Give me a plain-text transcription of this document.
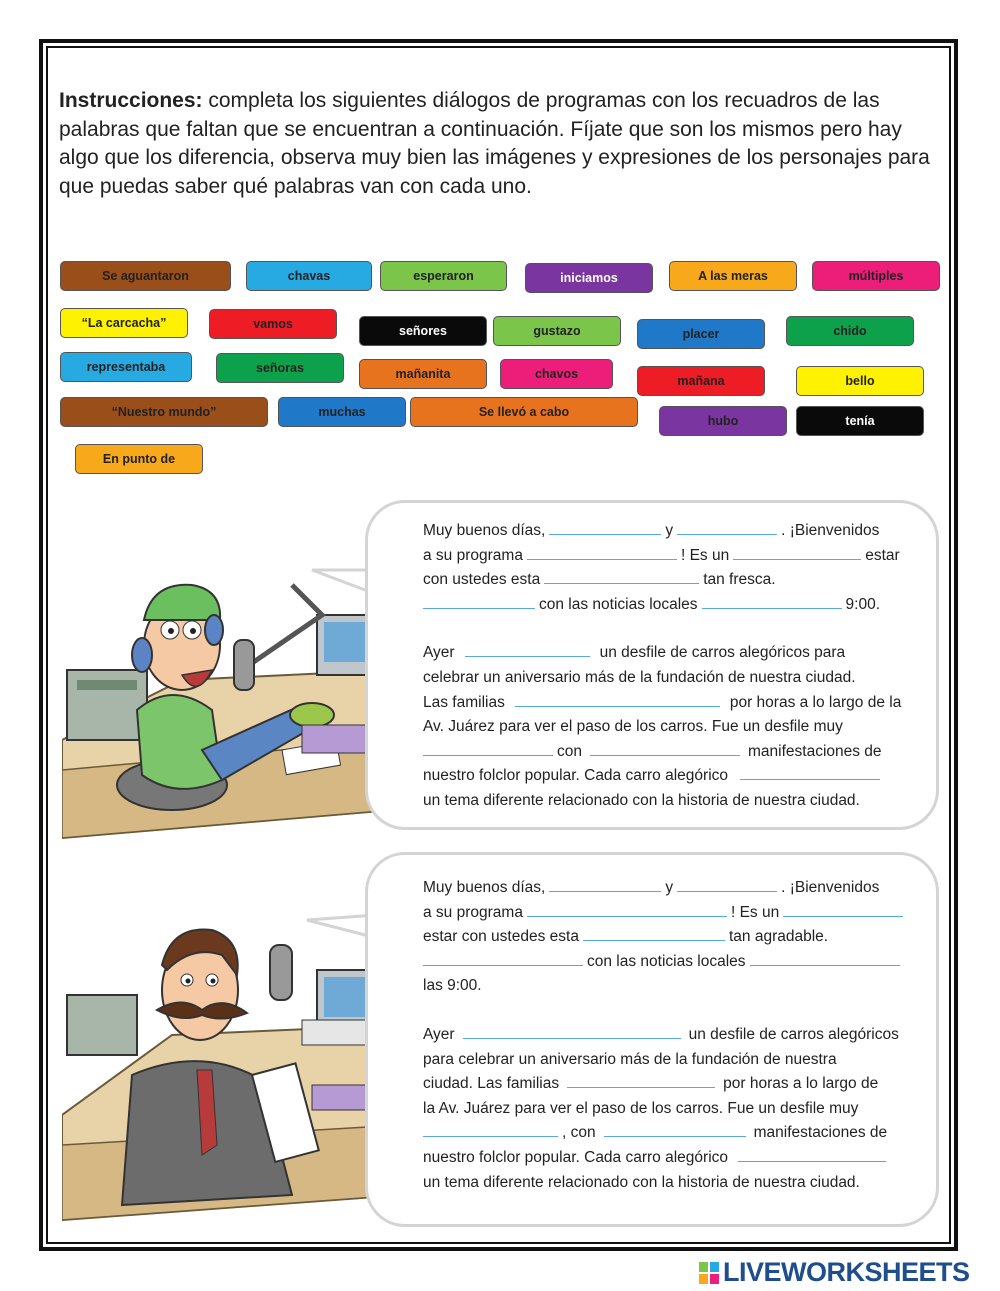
Instrucciones: completa los siguientes diálogos de programas con los recuadros de las palabras que faltan que se encuentran a continuación. Fíjate que son los mismos pero hay algo que los diferencia, observa muy bien las imágenes y expresiones de los personajes para que puedas saber qué palabras van con cada uno.
Se aguantaron	chavas	esperaron	iniciamos	A las meras	múltiples
“La carcacha”	vamos	señores	gustazo	placer	chido
representaba	señoras	mañanita	chavos	mañana	bello
“Nuestro mundo”	muchas	Se llevó a cabo
hubo	tenía
En punto de
Muy buenos días,	y	. ¡Bienvenidos
a su programa	! Es un	estar
con ustedes esta	tan fresca.
con las noticias locales	9:00.
Ayer	un desfile de carros alegóricos para
celebrar un aniversario más de la fundación de nuestra ciudad.
Las familias	por horas a lo largo de la
Av. Juárez para ver el paso de los carros. Fue un desfile muy
con	manifestaciones de
nuestro folclor popular. Cada carro alegórico
un tema diferente relacionado con la historia de nuestra ciudad.
Muy buenos días,	y	. ¡Bienvenidos
a su programa	! Es un
estar con ustedes esta	tan agradable.
con las noticias locales
las 9:00.
Ayer	un desfile de carros alegóricos
para celebrar un aniversario más de la fundación de nuestra
ciudad. Las familias	por horas a lo largo de
la Av. Juárez para ver el paso de los carros. Fue un desfile muy
, con	manifestaciones de
nuestro folclor popular. Cada carro alegórico
un tema diferente relacionado con la historia de nuestra ciudad.
LIVEWORKSHEETS
